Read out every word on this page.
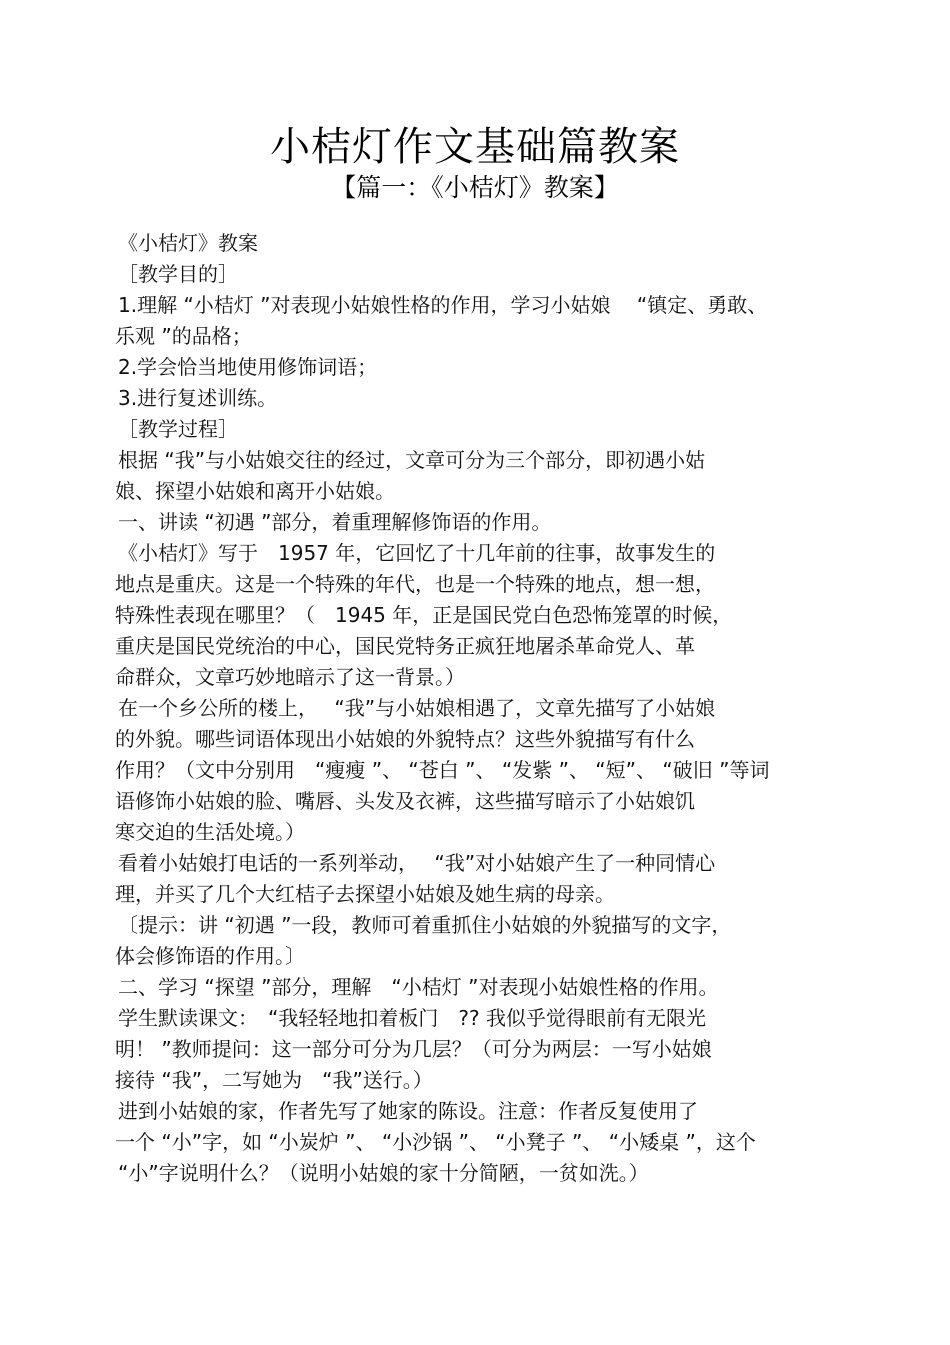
小桔灯作文基础篇教案
【篇一：《小桔灯》教案】
《小桔灯》教案
［教学目的］
1.理解 “小桔灯 ”对表现小姑娘性格的作用，学习小姑娘　 “镇定、勇敢、
乐观 ”的品格；
2.学会恰当地使用修饰词语；
3.进行复述训练。
［教学过程］
根据 “我”与小姑娘交往的经过，文章可分为三个部分，即初遇小姑
娘、探望小姑娘和离开小姑娘。
一、讲读 “初遇 ”部分，着重理解修饰语的作用。
《小桔灯》写于　1957 年，它回忆了十几年前的往事，故事发生的
地点是重庆。这是一个特殊的年代，也是一个特殊的地点，想一想，
特殊性表现在哪里？（　1945 年，正是国民党白色恐怖笼罩的时候，
重庆是国民党统治的中心，国民党特务正疯狂地屠杀革命党人、革
命群众，文章巧妙地暗示了这一背景。）
在一个乡公所的楼上，　 “我”与小姑娘相遇了，文章先描写了小姑娘
的外貌。哪些词语体现出小姑娘的外貌特点？这些外貌描写有什么
作用？（文中分别用　“瘦瘦 ”、 “苍白 ”、 “发紫 ”、 “短”、 “破旧 ”等词
语修饰小姑娘的脸、嘴唇、头发及衣裤，这些描写暗示了小姑娘饥
寒交迫的生活处境。）
看着小姑娘打电话的一系列举动，　 “我”对小姑娘产生了一种同情心
理，并买了几个大红桔子去探望小姑娘及她生病的母亲。
〔提示：讲 “初遇 ”一段，教师可着重抓住小姑娘的外貌描写的文字，
体会修饰语的作用。〕
二、学习 “探望 ”部分，理解　“小桔灯 ”对表现小姑娘性格的作用。
学生默读课文：　“我轻轻地扣着板门　?? 我似乎觉得眼前有无限光
明！ ”教师提问：这一部分可分为几层？（可分为两层：一写小姑娘
接待 “我”，二写她为　“我”送行。）
进到小姑娘的家，作者先写了她家的陈设。注意：作者反复使用了
一个 “小”字，如 “小炭炉 ”、 “小沙锅 ”、 “小凳子 ”、 “小矮桌 ”，这个
“小”字说明什么？（说明小姑娘的家十分简陋，一贫如洗。）
